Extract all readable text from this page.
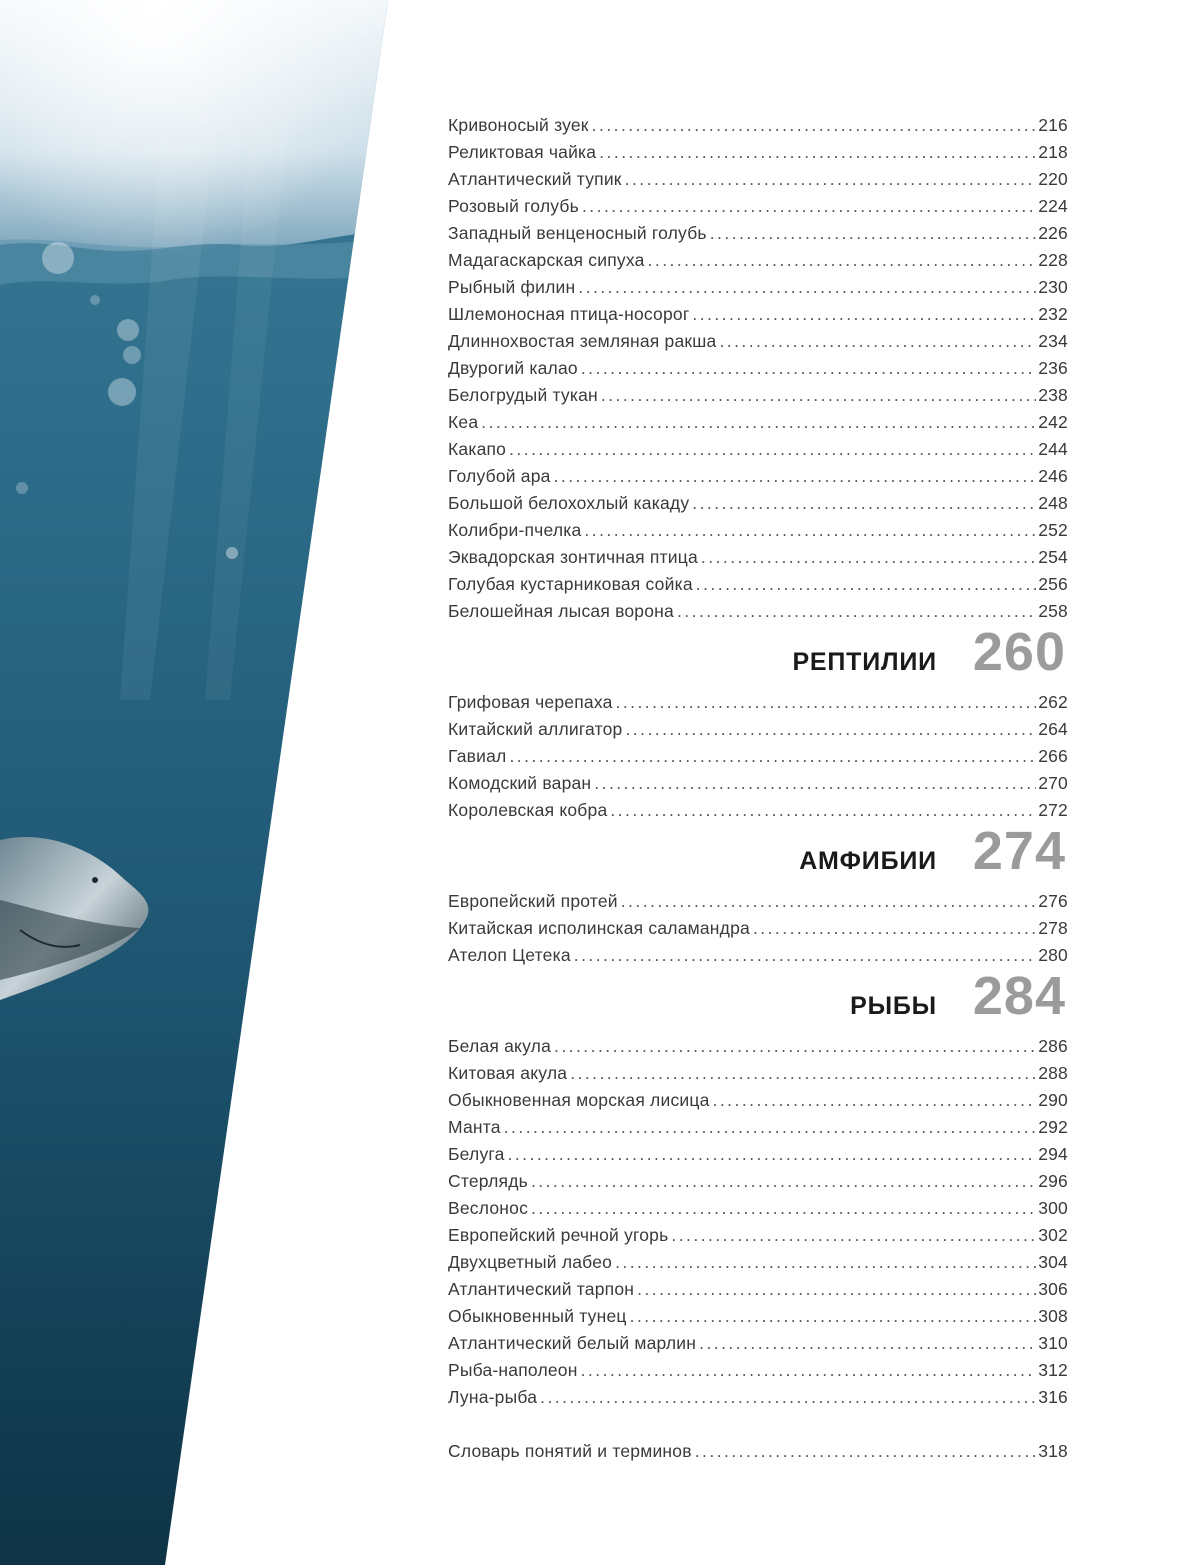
Кривоносый зуек . . .	216
Реликтовая чайка . . .	218
Атлантический тупик . . .	220
Розовый голубь . . .	224
Западный венценосный голубь . . .	226
Мадагаскарская сипуха . . .	228
Рыбный филин . . .	230
Шлемоносная птица-носорог . . .	232
Длиннохвостая земляная ракша . . .	234
Двурогий калао . . .	236
Белогрудый тукан . . .	238
Кеа . . .	242
Какапо . . .	244
Голубой ара . . .	246
Большой белохохлый какаду . . .	248
Колибри-пчелка . . .	252
Эквадорская зонтичная птица . . .	254
Голубая кустарниковая сойка . . .	256
Белошейная лысая ворона . . .	258
РЕПТИЛИИ 260
Грифовая черепаха . . .	262
Китайский аллигатор . . .	264
Гавиал . . .	266
Комодский варан . . .	270
Королевская кобра . . .	272
АМФИБИИ 274
Европейский протей . . .	276
Китайская исполинская саламандра . . .	278
Ателоп Цетека . . .	280
РЫБЫ 284
Белая акула . . .	286
Китовая акула . . .	288
Обыкновенная морская лисица . . .	290
Манта . . .	292
Белуга . . .	294
Стерлядь . . .	296
Веслонос . . .	300
Европейский речной угорь . . .	302
Двухцветный лабео . . .	304
Атлантический тарпон . . .	306
Обыкновенный тунец . . .	308
Атлантический белый марлин . . .	310
Рыба-наполеон . . .	312
Луна-рыба . . .	316
Словарь понятий и терминов . . .	318
